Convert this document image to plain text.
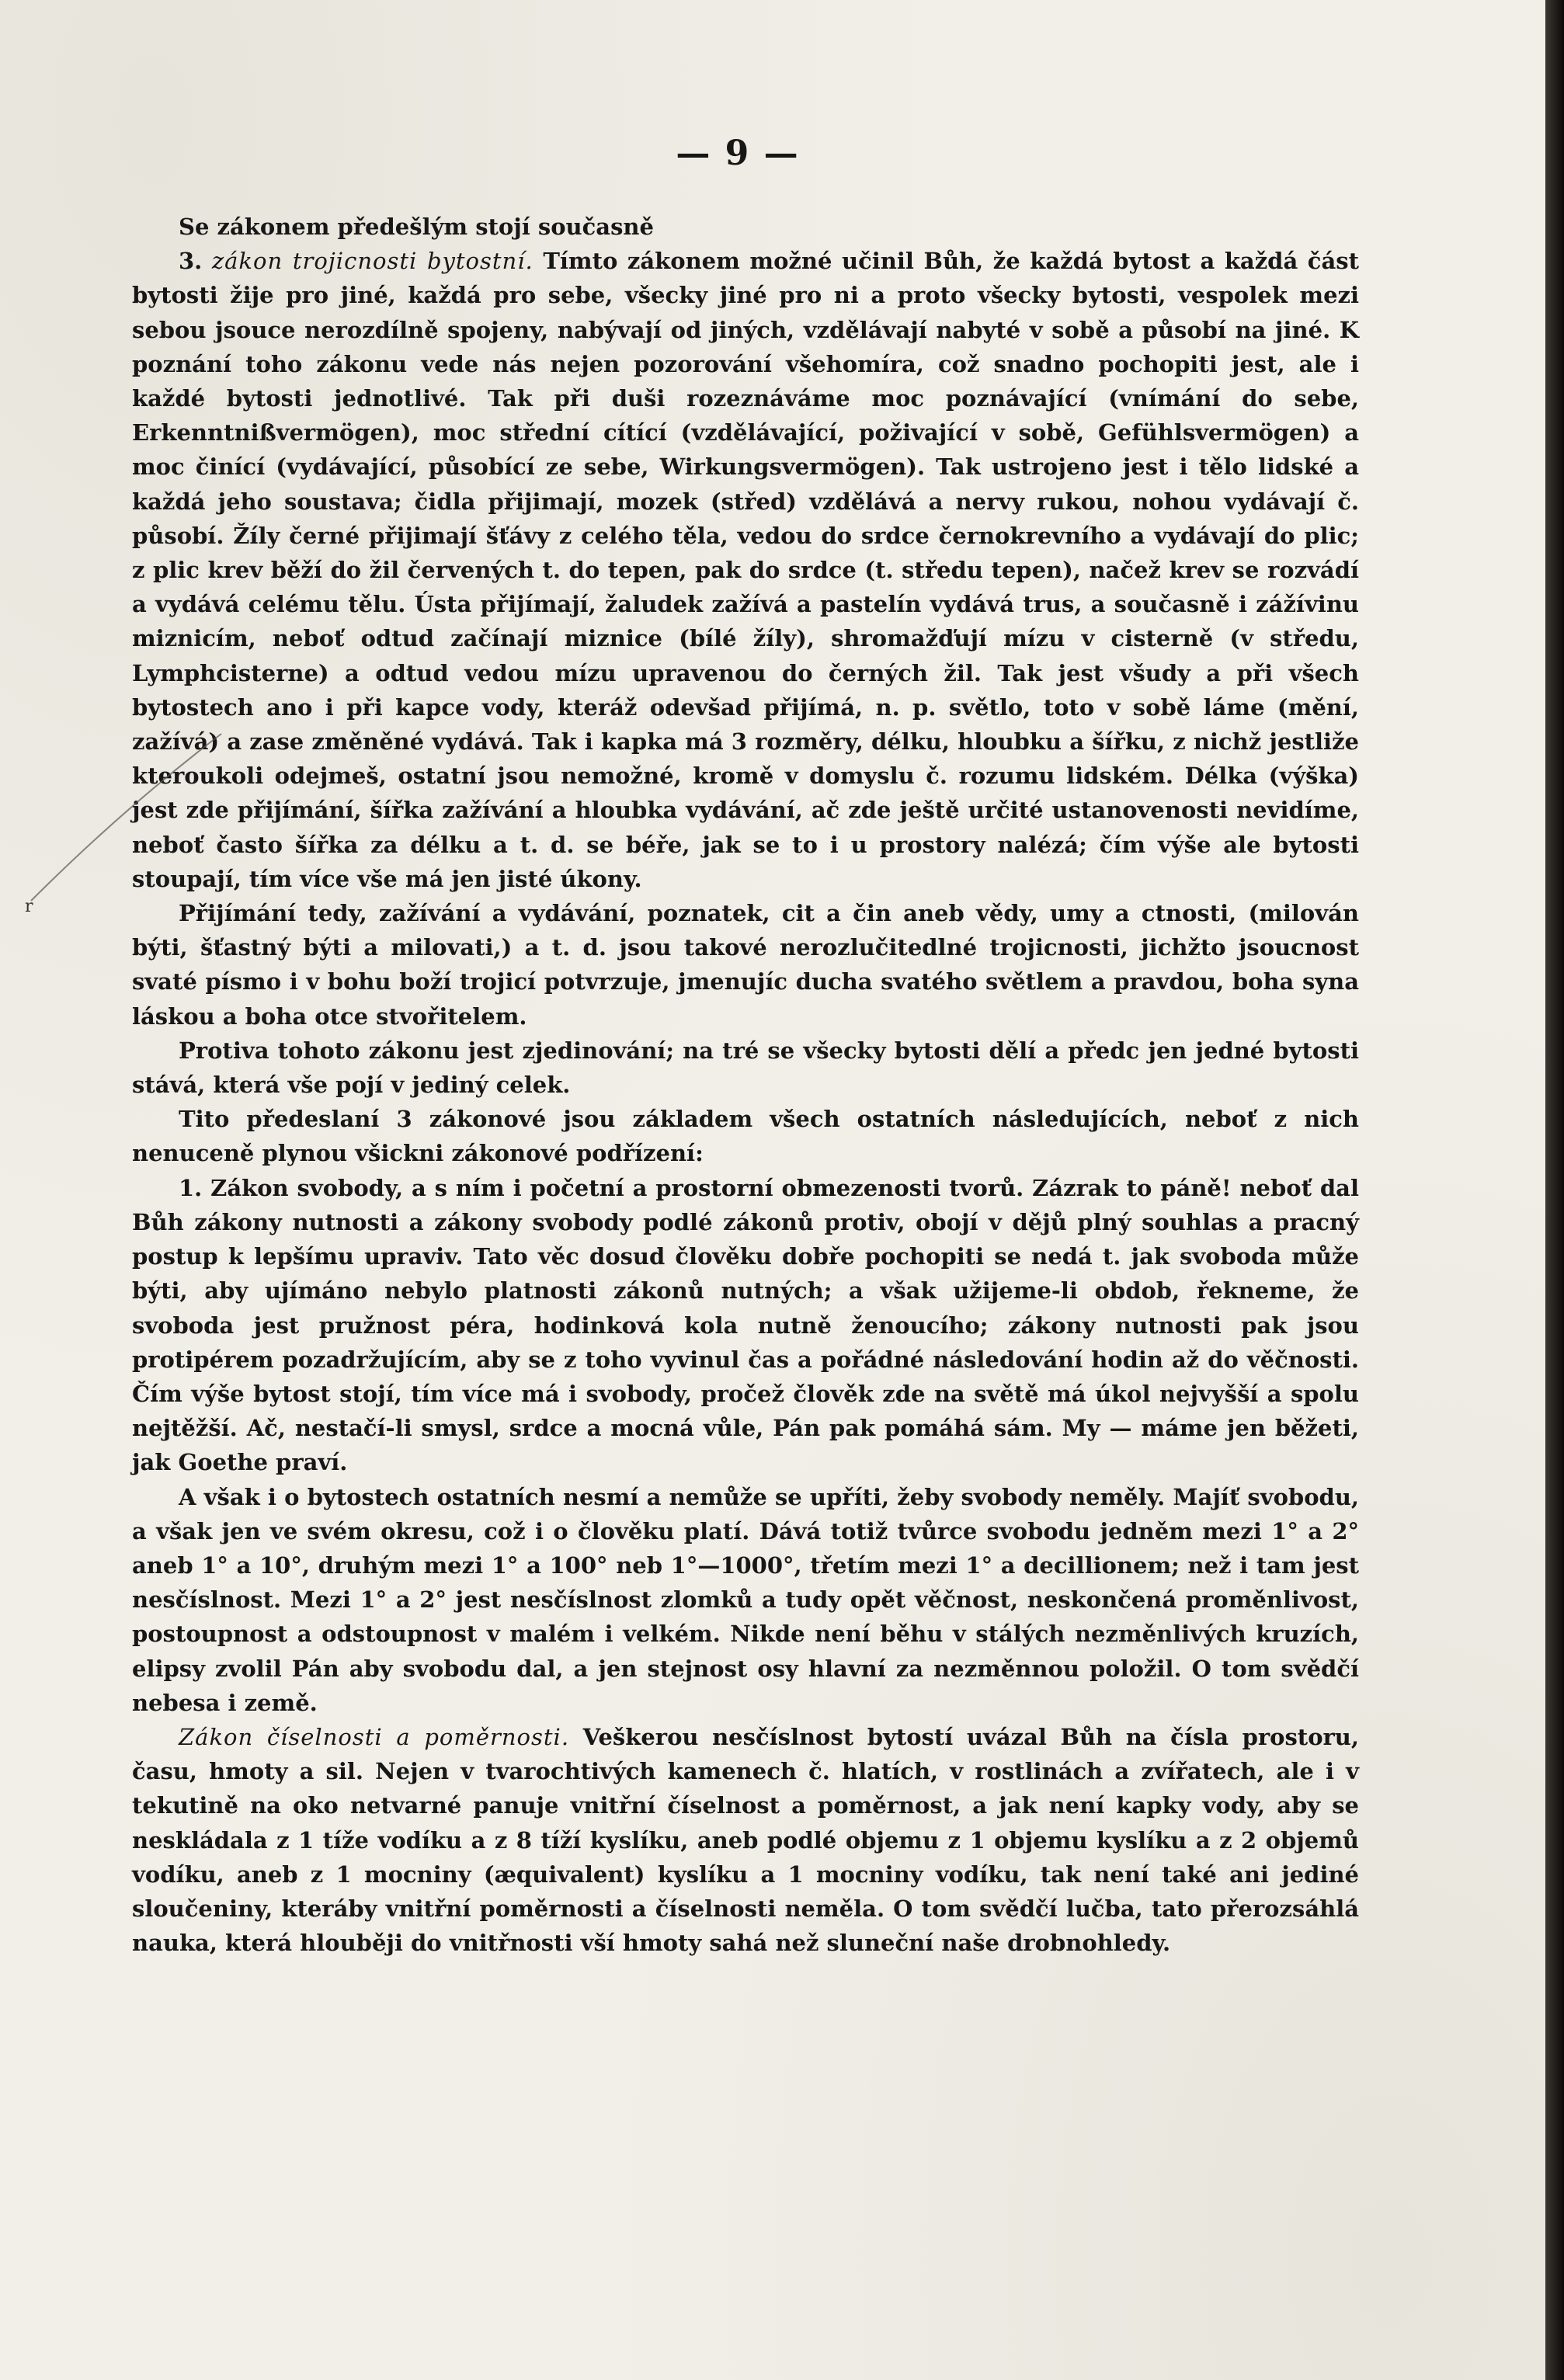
— 9 —

Se zákonem předešlým stojí současně

3. zákon trojicnosti bytostní. Tímto zákonem možné učinil Bůh, že každá bytost a každá část bytosti žije pro jiné, každá pro sebe, všecky jiné pro ni a proto všecky bytosti, vespolek mezi sebou jsouce nerozdílně spojeny, nabývají od jiných, vzdělávají nabyté v sobě a působí na jiné. K poznání toho zákonu vede nás nejen pozorování všehomíra, což snadno pochopiti jest, ale i každé bytosti jednotlivé. Tak při duši rozeznáváme moc poznávající (vnímání do sebe, Erkenntnißvermögen), moc střední cítící (vzdělávající, poživající v sobě, Gefühlsvermögen) a moc činící (vydávající, působící ze sebe, Wirkungsvermögen). Tak ustrojeno jest i tělo lidské a každá jeho soustava; čidla přijimají, mozek (střed) vzdělává a nervy rukou, nohou vydávají č. působí. Žíly černé přijimají šťávy z celého těla, vedou do srdce černokrevního a vydávají do plic; z plic krev běží do žil červených t. do tepen, pak do srdce (t. středu tepen), načež krev se rozvádí a vydává celému tělu. Ústa přijímají, žaludek zažívá a pastelín vydává trus, a současně i zážívinu miznicím, neboť odtud začínají miznice (bílé žíly), shromažďují mízu v cisterně (v středu, Lymphcisterne) a odtud vedou mízu upravenou do černých žil. Tak jest všudy a při všech bytostech ano i při kapce vody, kteráž odevšad přijímá, n. p. světlo, toto v sobě láme (mění, zažívá) a zase změněné vydává. Tak i kapka má 3 rozměry, délku, hloubku a šířku, z nichž jestliže kteroukoli odejmeš, ostatní jsou nemožné, kromě v domyslu č. rozumu lidském. Délka (výška) jest zde přijímání, šířka zažívání a hloubka vydávání, ač zde ještě určité ustanovenosti nevidíme, neboť často šířka za délku a t. d. se béře, jak se to i u prostory nalézá; čím výše ale bytosti stoupají, tím více vše má jen jisté úkony.

Přijímání tedy, zažívání a vydávání, poznatek, cit a čin aneb vědy, umy a ctnosti, (milován býti, šťastný býti a milovati,) a t. d. jsou takové nerozlučitedlné trojicnosti, jichžto jsoucnost svaté písmo i v bohu boží trojicí potvrzuje, jmenujíc ducha svatého světlem a pravdou, boha syna láskou a boha otce stvořitelem.

Protiva tohoto zákonu jest zjedinování; na tré se všecky bytosti dělí a předc jen jedné bytosti stává, která vše pojí v jediný celek.

Tito předeslaní 3 zákonové jsou základem všech ostatních následujících, neboť z nich nenuceně plynou všickni zákonové podřízení:

1. Zákon svobody, a s ním i početní a prostorní obmezenosti tvorů. Zázrak to páně! neboť dal Bůh zákony nutnosti a zákony svobody podlé zákonů protiv, obojí v dějů plný souhlas a pracný postup k lepšímu upraviv. Tato věc dosud člověku dobře pochopiti se nedá t. jak svoboda může býti, aby ujímáno nebylo platnosti zákonů nutných; a však užijeme-li obdob, řekneme, že svoboda jest pružnost péra, hodinková kola nutně ženoucího; zákony nutnosti pak jsou protipérem pozadržujícím, aby se z toho vyvinul čas a pořádné následování hodin až do věčnosti. Čím výše bytost stojí, tím více má i svobody, pročež člověk zde na světě má úkol nejvyšší a spolu nejtěžší. Ač, nestačí-li smysl, srdce a mocná vůle, Pán pak pomáhá sám. My — máme jen běžeti, jak Goethe praví.

A však i o bytostech ostatních nesmí a nemůže se upříti, žeby svobody neměly. Majíť svobodu, a však jen ve svém okresu, což i o člověku platí. Dává totiž tvůrce svobodu jedněm mezi 1° a 2° aneb 1° a 10°, druhým mezi 1° a 100° neb 1°—1000°, třetím mezi 1° a decillionem; než i tam jest nesčíslnost. Mezi 1° a 2° jest nesčíslnost zlomků a tudy opět věčnost, neskončená proměnlivost, postoupnost a odstoupnost v malém i velkém. Nikde není běhu v stálých nezměnlivých kruzích, elipsy zvolil Pán aby svobodu dal, a jen stejnost osy hlavní za nezměnnou položil. O tom svědčí nebesa i země.

Zákon číselnosti a poměrnosti. Veškerou nesčíslnost bytostí uvázal Bůh na čísla prostoru, času, hmoty a sil. Nejen v tvarochtivých kamenech č. hlatích, v rostlinách a zvířatech, ale i v tekutině na oko netvarné panuje vnitřní číselnost a poměrnost, a jak není kapky vody, aby se neskládala z 1 tíže vodíku a z 8 tíží kyslíku, aneb podlé objemu z 1 objemu kyslíku a z 2 objemů vodíku, aneb z 1 mocniny (æquivalent) kyslíku a 1 mocniny vodíku, tak není také ani jediné sloučeniny, kteráby vnitřní poměrnosti a číselnosti neměla. O tom svědčí lučba, tato přerozsáhlá nauka, která hlouběji do vnitřnosti vší hmoty sahá než sluneční naše drobnohledy.

r
